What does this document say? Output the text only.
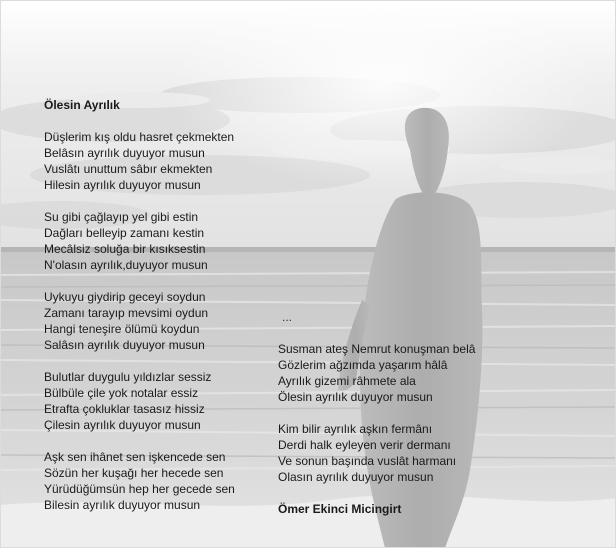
Ölesin Ayrılık
Düşlerim kış oldu hasret çekmekten
Belâsın ayrılık duyuyor musun
Vuslâtı unuttum sâbır ekmekten
Hilesin ayrılık duyuyor musun
Su gibi çağlayıp yel gibi estin
Dağları belleyip zamanı kestin
Mecâlsiz soluğa bir kısıksestin
N'olasın ayrılık,duyuyor musun
Uykuyu giydirip geceyi soydun
Zamanı tarayıp mevsimi oydun
Hangi teneşire ölümü koydun
Salâsın ayrılık duyuyor musun
Bulutlar duygulu yıldızlar sessiz
Bülbüle çile yok notalar essiz
Etrafta çokluklar tasasız hissiz
Çilesin ayrılık duyuyor musun
Aşk sen ihânet sen işkencede sen
Sözün her kuşağı her hecede sen
Yürüdüğümsün hep her gecede sen
Bilesin ayrılık duyuyor musun
...
Susman ateş Nemrut konuşman belâ
Gözlerim ağzımda yaşarım hâlâ
Ayrılık gizemi râhmete ala
Ölesin ayrılık duyuyor musun
Kim bilir ayrılık aşkın fermânı
Derdi halk eyleyen verir dermanı
Ve sonun başında vuslât harmanı
Olasın ayrılık duyuyor musun
Ömer Ekinci Micingirt
